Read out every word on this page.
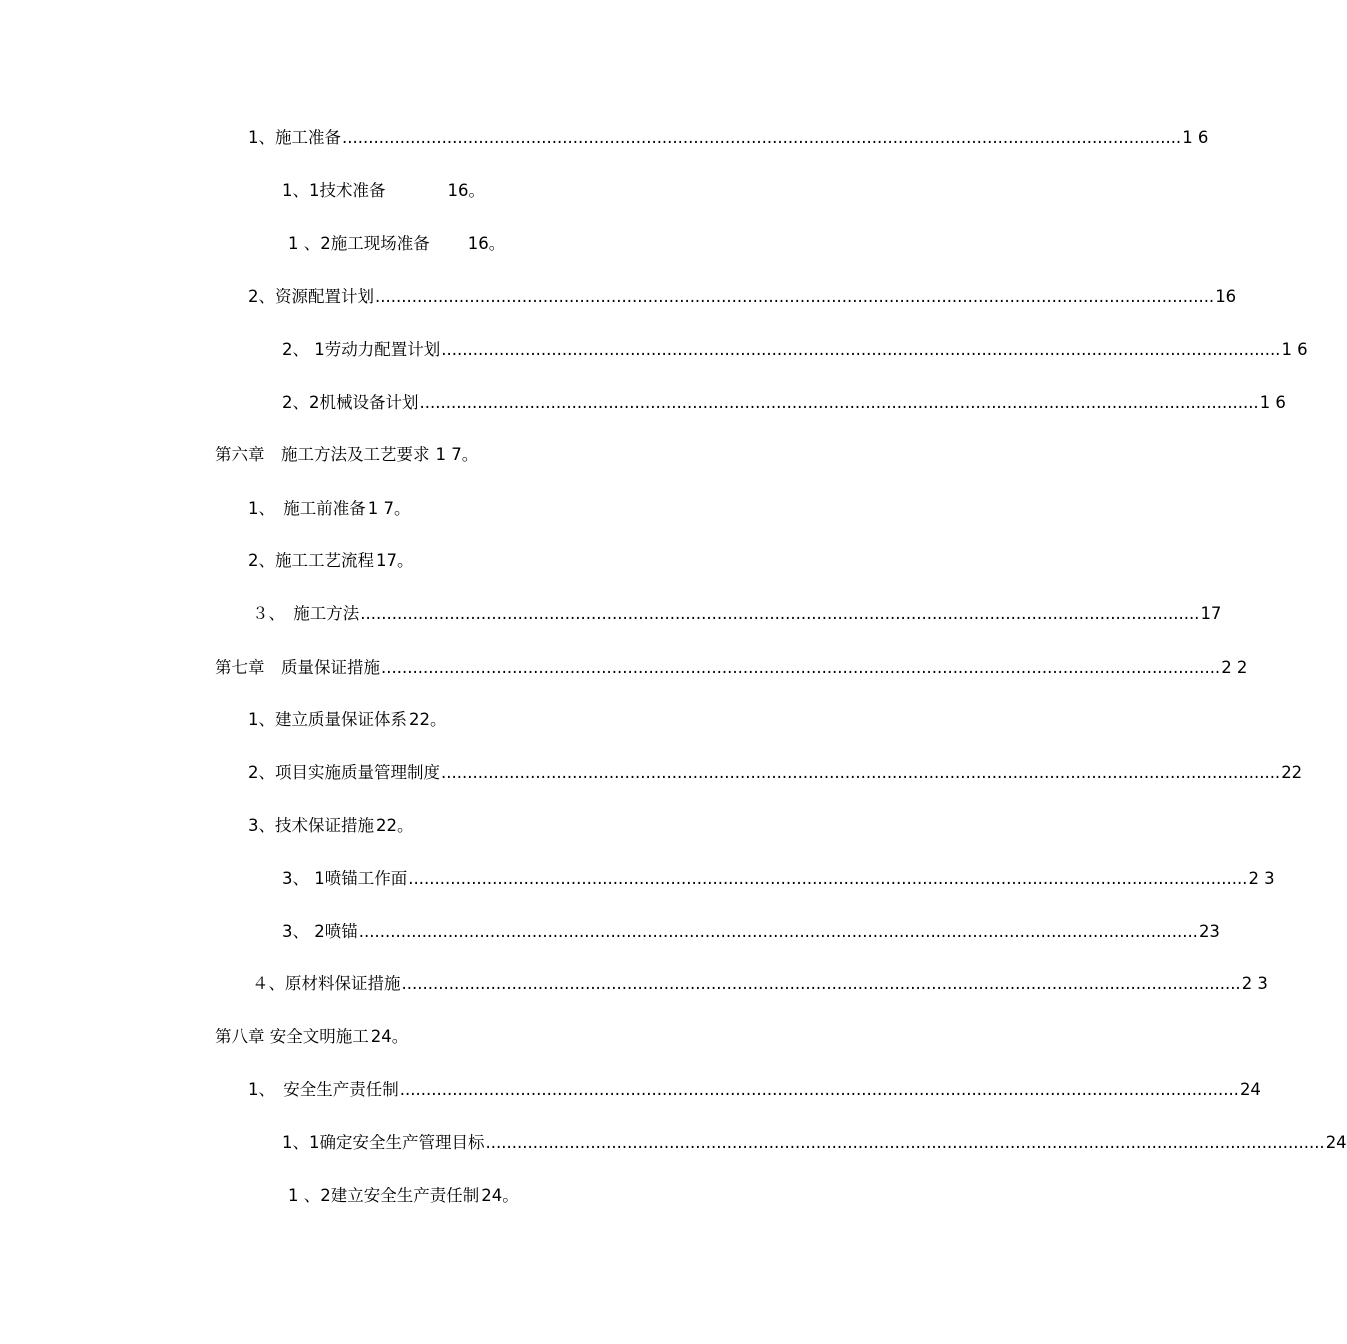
1、施工准备 ................................................................................................................................................................ 1 6
1、1技术准备	16。
1 、2施工现场准备 16。
2、资源配置计划 ................................................................................................................................................................ 16
2、 1劳动力配置计划 ................................................................................................................................................................ 1 6
2、2机械设备计划 ................................................................................................................................................................ 1 6
第六章　施工方法及工艺要求 1 7。
1、　施工前准备 1 7。
2、施工工艺流程 17。
３、　施工方法 ................................................................................................................................................................ 17
第七章　质量保证措施 ................................................................................................................................................................ 2 2
1、建立质量保证体系 22。
2、项目实施质量管理制度 ................................................................................................................................................................ 22
3、技术保证措施 22。
3、 1喷锚工作面 ................................................................................................................................................................ 2 3
3、 2喷锚 ................................................................................................................................................................ 23
４、原材料保证措施 ................................................................................................................................................................ 2 3
第八章 安全文明施工 24。
1、　安全生产责任制 ................................................................................................................................................................ 24
1、1确定安全生产管理目标 ................................................................................................................................................................ 24
1 、2建立安全生产责任制 24。
